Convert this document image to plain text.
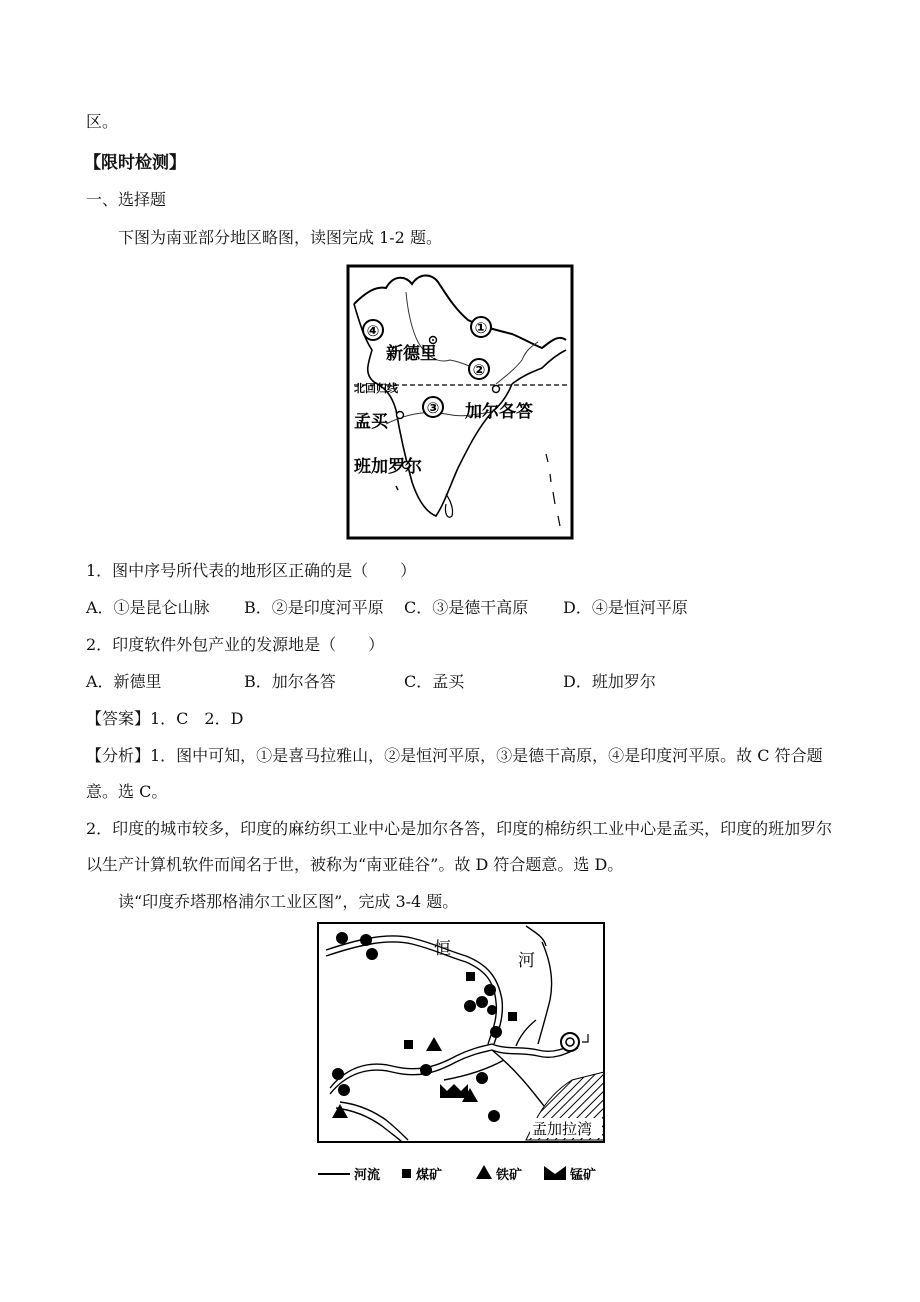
区。
【限时检测】
一、选择题
下图为南亚部分地区略图，读图完成 1-2 题。
①
②
③
④
新德里
北回归线
加尔各答
孟买
班加罗尔
1．图中序号所代表的地形区正确的是（　　）
A．①是昆仑山脉 B．②是印度河平原 C．③是德干高原 D．④是恒河平原
2．印度软件外包产业的发源地是（　　）
A．新德里	B．加尔各答	C．孟买	D．班加罗尔
【答案】1．C　2．D
【分析】1．图中可知，①是喜马拉雅山，②是恒河平原，③是德干高原，④是印度河平原。故 C 符合题
意。选 C。
2．印度的城市较多，印度的麻纺织工业中心是加尔各答，印度的棉纺织工业中心是孟买，印度的班加罗尔
以生产计算机软件而闻名于世，被称为“南亚硅谷”。故 D 符合题意。选 D。
读“印度乔塔那格浦尔工业区图”，完成 3-4 题。
孟加拉湾
恒
河
河流	煤矿	铁矿	锰矿
